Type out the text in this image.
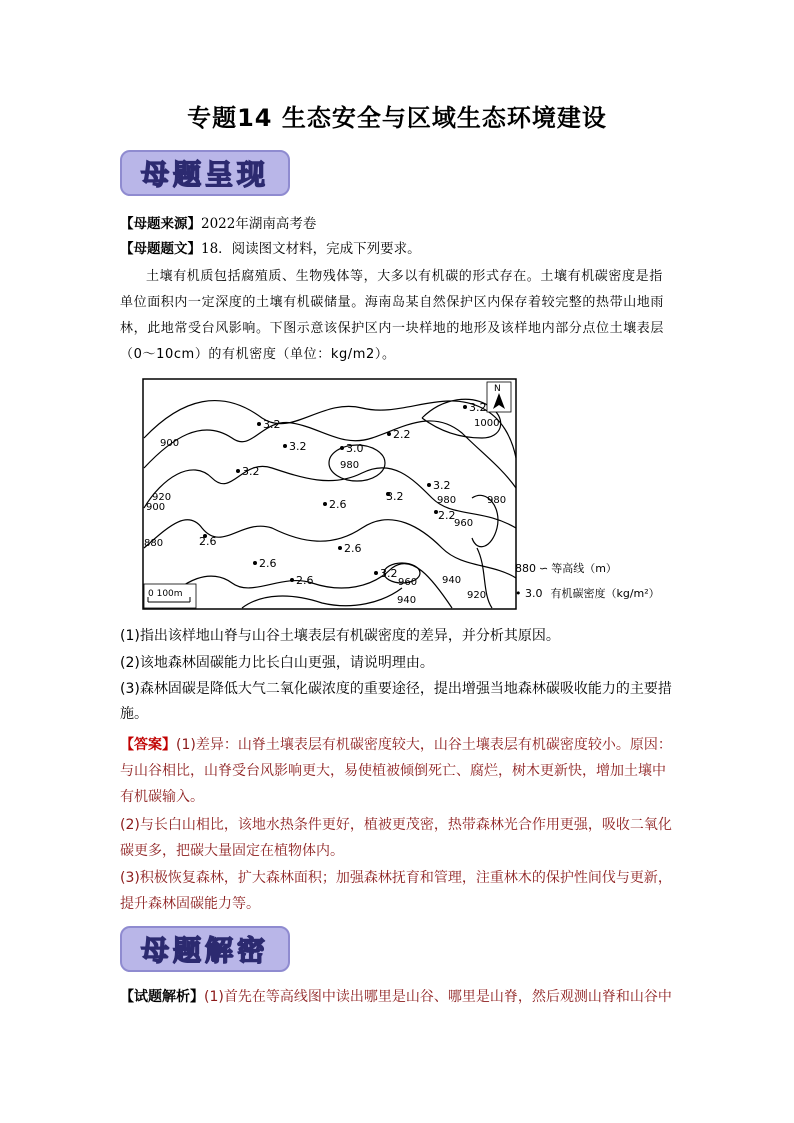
专题14 生态安全与区域生态环境建设
母题呈现
【母题来源】2022年湖南高考卷
【母题题文】18．阅读图文材料，完成下列要求。
土壤有机质包括腐殖质、生物残体等，大多以有机碳的形式存在。土壤有机碳密度是指单位面积内一定深度的土壤有机碳储量。海南岛某自然保护区内保存着较完整的热带山地雨林，此地常受台风影响。下图示意该保护区内一块样地的地形及该样地内部分点位土壤表层（0～10cm）的有机密度（单位：kg/m2）。
900
920
900
880
980
980
1000
960
960
940	920
940
980
3.2
3.2	3.0
2.2
3.2
3.2
3.2
2.6
2.6
2.6
2.6
2.6
3.2
2.2
3.2
N
0 100m
880 ∽ 等高线（m）
• 3.0 有机碳密度（kg/m²）
(1)指出该样地山脊与山谷土壤表层有机碳密度的差异，并分析其原因。
(2)该地森林固碳能力比长白山更强，请说明理由。
(3)森林固碳是降低大气二氧化碳浓度的重要途径，提出增强当地森林碳吸收能力的主要措施。
【答案】(1)差异：山脊土壤表层有机碳密度较大，山谷土壤表层有机碳密度较小。原因：与山谷相比，山脊受台风影响更大，易使植被倾倒死亡、腐烂，树木更新快，增加土壤中有机碳输入。
(2)与长白山相比，该地水热条件更好，植被更茂密，热带森林光合作用更强，吸收二氧化碳更多，把碳大量固定在植物体内。
(3)积极恢复森林，扩大森林面积；加强森林抚育和管理，注重林木的保护性间伐与更新，提升森林固碳能力等。
母题解密
【试题解析】(1)首先在等高线图中读出哪里是山谷、哪里是山脊，然后观测山脊和山谷中
